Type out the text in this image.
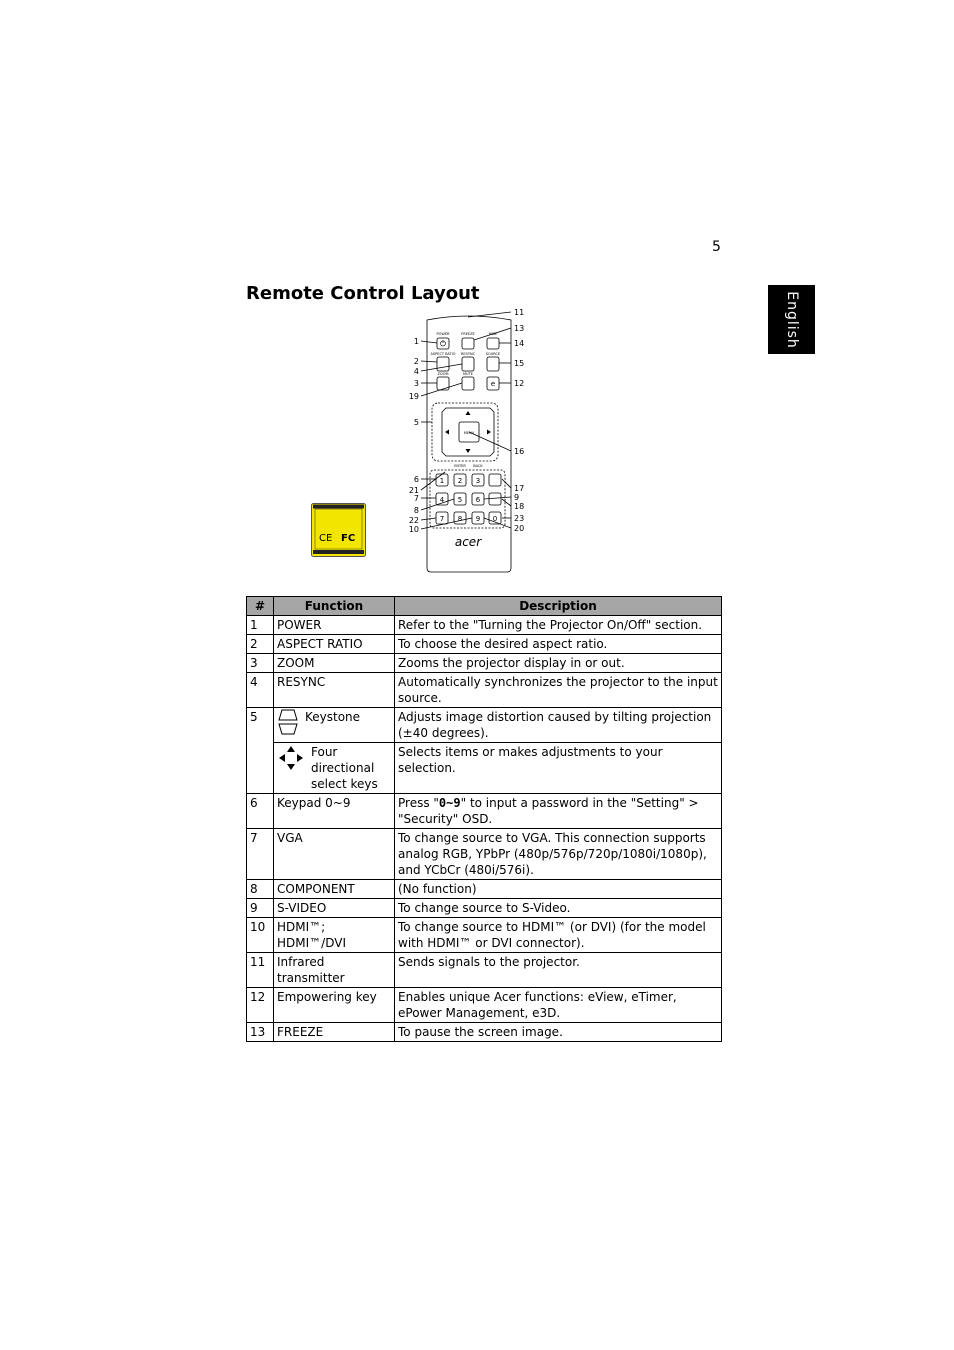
5
English
Remote Control Layout
e
POWER	FREEZE	HIDE
ASPECT RATIO RESYNC	SOURCE
ZOOM	MUTE
MENU
ENTER BACK
1 2 3
4 5 6
7 8 9 0
acer
1
2
4
3
19
5
6
21
7
8
22
10
11
13
14
15
12
16
17
9
18
23
20
CE FC
#	Function	Description
1	POWER	Refer to the "Turning the Projector On/Off" section.
2	ASPECT RATIO	To choose the desired aspect ratio.
3	ZOOM	Zooms the projector display in or out.
4	RESYNC	Automatically synchronizes the projector to the input source.
5	Keystone	Adjusts image distortion caused by tilting projection (±40 degrees).

	Four directional select keys	Selects items or makes adjustments to your selection.
6	Keypad 0~9	Press "0~9" to input a password in the "Setting" > "Security" OSD.
7	VGA	To change source to VGA. This connection supports analog RGB, YPbPr (480p/576p/720p/1080i/1080p), and YCbCr (480i/576i).
8	COMPONENT	(No function)
9	S-VIDEO	To change source to S-Video.
10	HDMI™; HDMI™/DVI	To change source to HDMI™ (or DVI) (for the model with HDMI™ or DVI connector).
11	Infrared transmitter	Sends signals to the projector.
12	Empowering key	Enables unique Acer functions: eView, eTimer, ePower Management, e3D.
13	FREEZE	To pause the screen image.
